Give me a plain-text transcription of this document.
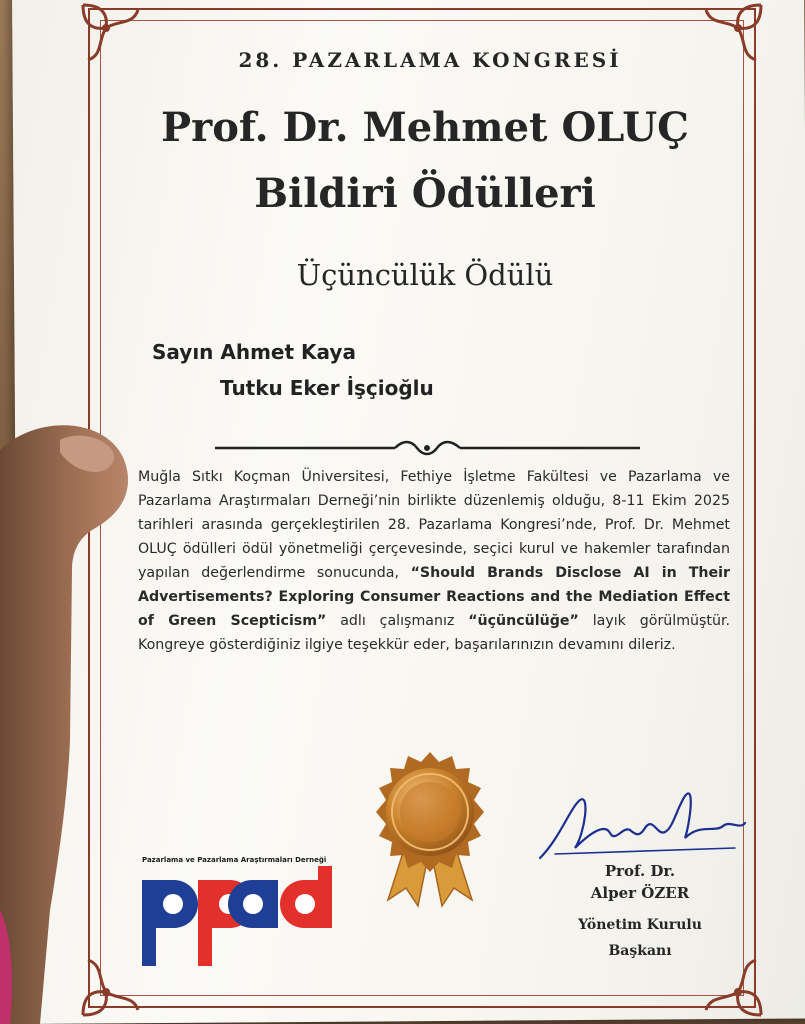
28. PAZARLAMA KONGRESİ
Prof. Dr. Mehmet OLUÇ
Bildiri Ödülleri
Üçüncülük Ödülü
Sayın Ahmet Kaya
Tutku Eker İşçioğlu
Muğla Sıtkı Koçman Üniversitesi, Fethiye İşletme Fakültesi ve Pazarlama ve Pazarlama Araştırmaları Derneği’nin birlikte düzenlemiş olduğu, 8-11 Ekim 2025 tarihleri arasında gerçekleştirilen 28. Pazarlama Kongresi’nde, Prof. Dr. Mehmet OLUÇ ödülleri ödül yönetmeliği çerçevesinde, seçici kurul ve hakemler tarafından yapılan değerlendirme sonucunda, “Should Brands Disclose AI in Their Advertisements? Exploring Consumer Reactions and the Mediation Effect of Green Scepticism” adlı çalışmanız “üçüncülüğe” layık görülmüştür. Kongreye gösterdiğiniz ilgiye teşekkür eder, başarılarınızın devamını dileriz.
Pazarlama ve Pazarlama Araştırmaları Derneği
Prof. Dr.
Alper ÖZER
Yönetim Kurulu
Başkanı
